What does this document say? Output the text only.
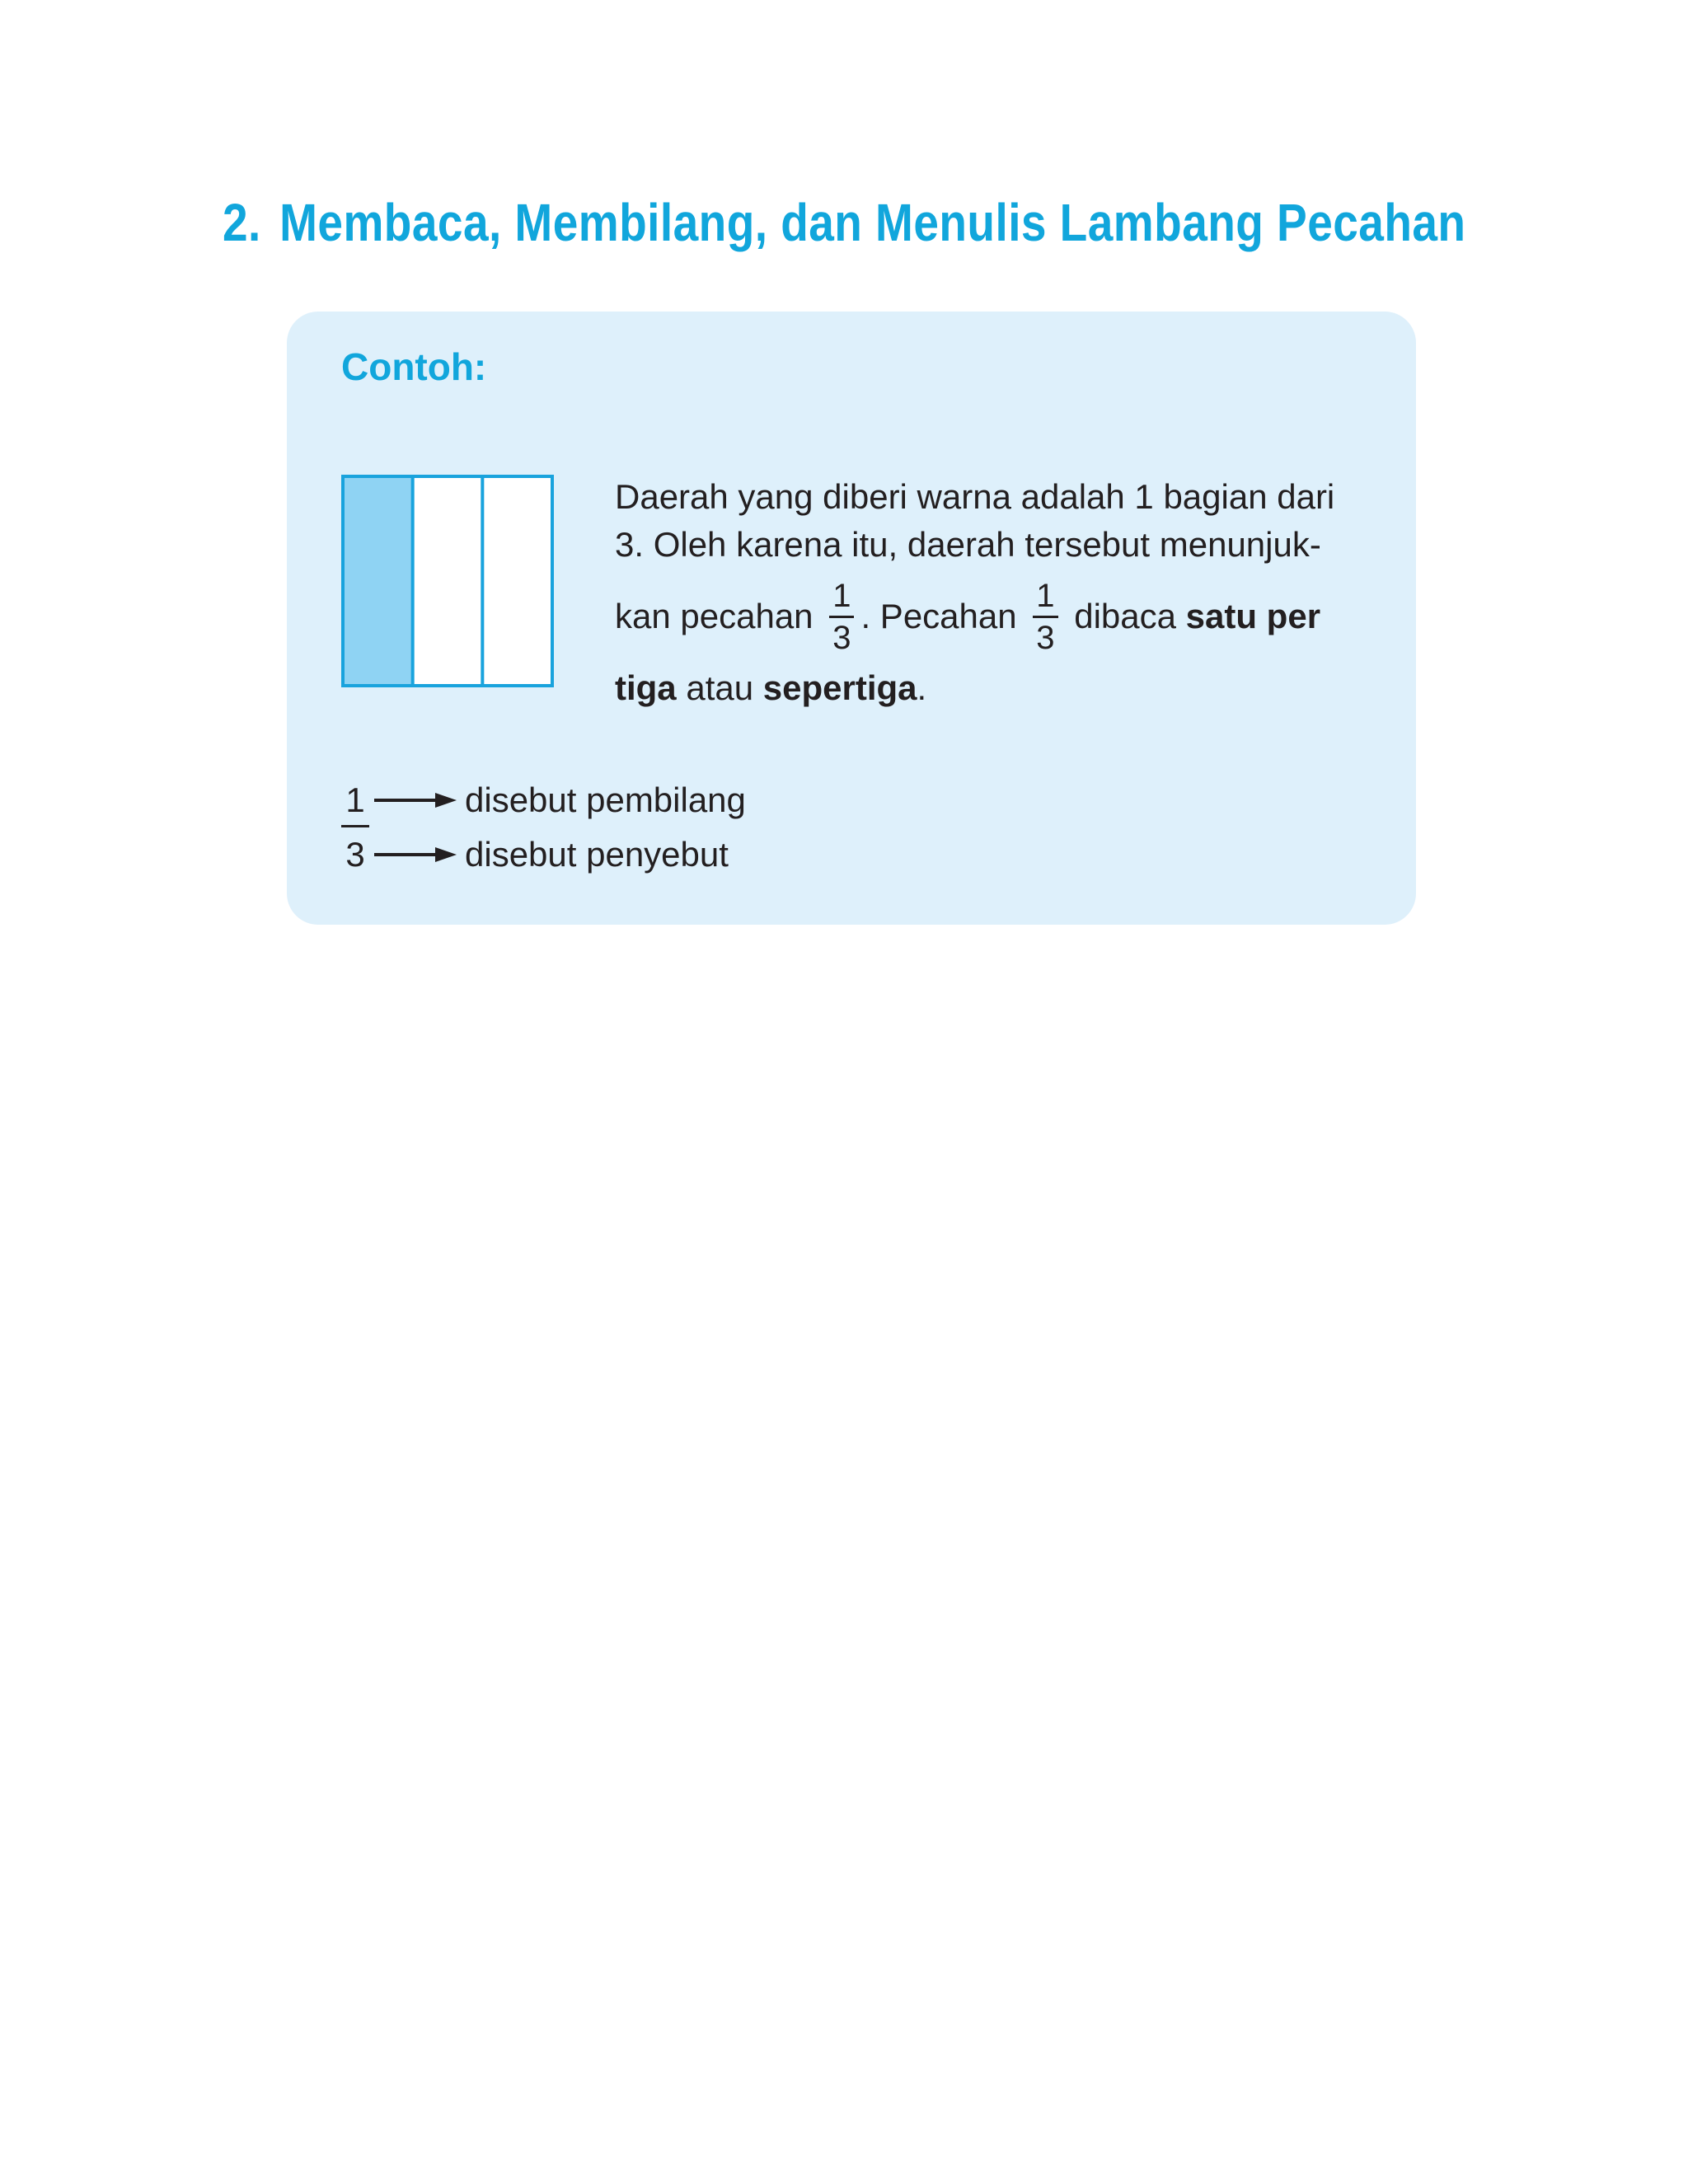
2. Membaca, Membilang, dan Menulis Lambang Pecahan
Contoh:
Daerah yang diberi warna adalah 1 bagian dari
3. Oleh karena itu, daerah tersebut menunjuk-
kan pecahan $\frac{1}{3}$ . Pecahan $\frac{1}{3}$ dibaca satu per
tiga atau sepertiga.
1	disebut pembilang
3	disebut penyebut
